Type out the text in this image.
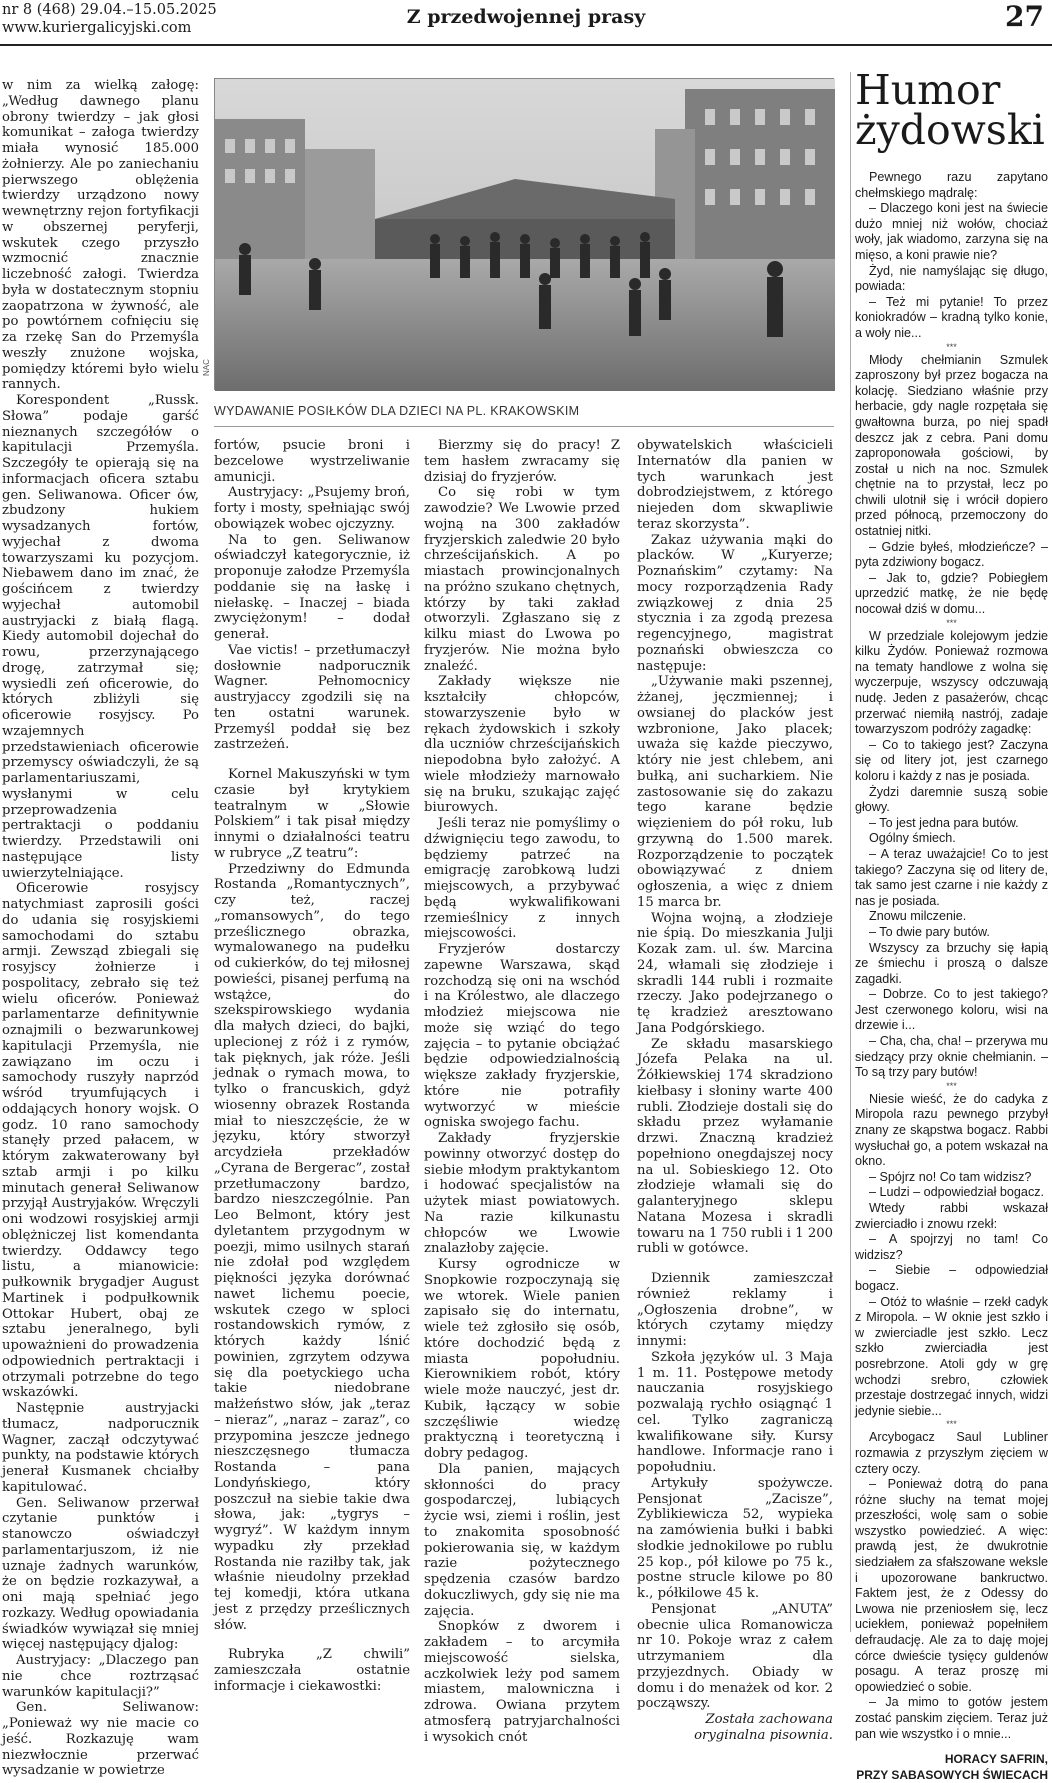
nr 8 (468) 29.04.–15.05.2025
www.kuriergalicyjski.com	Z przedwojennej prasy	27
NAC
WYDAWANIE POSIŁKÓW DLA DZIECI NA PL. KRAKOWSKIM

w nim za wielką załogę: „Według dawnego planu obrony twierdzy – jak głosi komunikat – załoga twierdzy miała wynosić 185.000 żołnierzy. Ale po zaniechaniu pierwszego oblężenia twierdzy urządzono nowy wewnętrzny rejon fortyfikacji w obszernej peryferji, wskutek czego przyszło wzmocnić znacznie liczebność załogi. Twierdza była w dostatecznym stopniu zaopatrzona w żywność, ale po powtórnem cofnięciu się za rzekę San do Przemyśla weszły znużone wojska, pomiędzy któremi było wielu rannych.

Korespondent „Russk. Słowa” podaje garść nieznanych szczegółów o kapitulacji Przemyśla. Szczegóły te opierają się na informacjach oficera sztabu gen. Seliwanowa. Oficer ów, zbudzony hukiem wysadzanych fortów, wyjechał z dwoma towarzyszami ku pozycjom. Niebawem dano im znać, że gościńcem z twierdzy wyjechał automobil austryjacki z białą flagą. Kiedy automobil dojechał do rowu, przerzynającego drogę, zatrzymał się; wysiedli zeń oficerowie, do których zbliżyli się oficerowie rosyjscy. Po wzajemnych przedstawieniach oficerowie przemyscy oświadczyli, że są parlamentariuszami, wysłanymi w celu przeprowadzenia pertraktacji o poddaniu twierdzy. Przedstawili oni następujące listy uwierzytelniające.

Oficerowie rosyjscy natychmiast zaprosili gości do udania się rosyjskiemi samochodami do sztabu armji. Zewsząd zbiegali się rosyjscy żołnierze i pospolitacy, zebrało się też wielu oficerów. Ponieważ parlamentarze definitywnie oznajmili o bezwarunkowej kapitulacji Przemyśla, nie zawiązano im oczu i samochody ruszyły naprzód wśród tryumfujących i oddających honory wojsk. O godz. 10 rano samochody stanęły przed pałacem, w którym zakwaterowany był sztab armji i po kilku minutach generał Seliwanow przyjął Austryjaków. Wręczyli oni wodzowi rosyjskiej armji oblężniczej list komendanta twierdzy. Oddawcy tego listu, a mianowicie: pułkownik brygadjer August Martinek i podpułkownik Ottokar Hubert, obaj ze sztabu jeneralnego, byli upoważnieni do prowadzenia odpowiednich pertraktacji i otrzymali potrzebne do tego wskazówki.

Następnie austryjacki tłumacz, nadporucznik Wagner, zaczął odczytywać punkty, na podstawie których jenerał Kusmanek chciałby kapitulować.

Gen. Seliwanow przerwał czytanie punktów i stanowczo oświadczył parlamentarjuszom, iż nie uznaje żadnych warunków, że on będzie rozkazywał, a oni mają spełniać jego rozkazy. Według opowiadania świadków wywiązał się mniej więcej następujący djalog:

Austryjacy: „Dlaczego pan nie chce roztrząsać warunków kapitulacji?”

Gen. Seliwanow: „Ponieważ wy nie macie co jeść. Rozkazuję wam niezwłocznie przerwać wysadzanie w powietrze

fortów, psucie broni i bezcelowe wystrzeliwanie amunicji.

Austryjacy: „Psujemy broń, forty i mosty, spełniając swój obowiązek wobec ojczyzny.

Na to gen. Seliwanow oświadczył kategorycznie, iż proponuje załodze Przemyśla poddanie się na łaskę i niełaskę. – Inaczej – biada zwyciężonym! – dodał generał.

Vae victis! – przetłumaczył dosłownie nadporucznik Wagner. Pełnomocnicy austryjaccy zgodzili się na ten ostatni warunek. Przemyśl poddał się bez zastrzeżeń.

Kornel Makuszyński w tym czasie był krytykiem teatralnym w „Słowie Polskiem” i tak pisał między innymi o działalności teatru w rubryce „Z teatru”:

Przedziwny do Edmunda Rostanda „Romantycznych”, czy też, raczej „romansowych”, do tego prześlicznego obrazka, wymalowanego na pudełku od cukierków, do tej miłosnej powieści, pisanej perfumą na wstążce, do szekspirowskiego wydania dla małych dzieci, do bajki, uplecionej z róż i z rymów, tak pięknych, jak róże. Jeśli jednak o rymach mowa, to tylko o francuskich, gdyż wiosenny obrazek Rostanda miał to nieszczęście, że w języku, który stworzył arcydzieła przekładów „Cyrana de Bergerac”, został przetłumaczony bardzo, bardzo nieszczególnie. Pan Leo Belmont, który jest dyletantem przygodnym w poezji, mimo usilnych starań nie zdołał pod względem piękności języka dorównać nawet lichemu poecie, wskutek czego w sploci rostandowskich rymów, z których każdy lśnić powinien, zgrzytem odzywa się dla poetyckiego ucha takie niedobrane małżeństwo słów, jak „teraz – nieraz”, „naraz – zaraz”, co przypomina jeszcze jednego nieszczęsnego tłumacza Rostanda – pana Londyńskiego, który poszczuł na siebie takie dwa słowa, jak: „tygrys – wygryź”. W każdym innym wypadku zły przekład Rostanda nie raziłby tak, jak właśnie nieudolny przekład tej komedji, która utkana jest z przędzy prześlicznych słów.

Rubryka „Z chwili” zamieszczała ostatnie informacje i ciekawostki:

Bierzmy się do pracy! Z tem hasłem zwracamy się dzisiaj do fryzjerów.

Co się robi w tym zawodzie? We Lwowie przed wojną na 300 zakładów fryzjerskich zaledwie 20 było chrześcijańskich. A po miastach prowincjonalnych na próżno szukano chętnych, którzy by taki zakład otworzyli. Zgłaszano się z kilku miast do Lwowa po fryzjerów. Nie można było znaleźć.

Zakłady większe nie kształciły chłopców, stowarzyszenie było w rękach żydowskich i szkoły dla uczniów chrześcijańskich niepodobna było założyć. A wiele młodzieży marnowało się na bruku, szukając zajęć biurowych.

Jeśli teraz nie pomyślimy o dźwignięciu tego zawodu, to będziemy patrzeć na emigrację zarobkową ludzi miejscowych, a przybywać będą wykwalifikowani rzemieślnicy z innych miejscowości.

Fryzjerów dostarczy zapewne Warszawa, skąd rozchodzą się oni na wschód i na Królestwo, ale dlaczego młodzież miejscowa nie może się wziąć do tego zajęcia – to pytanie obciążać będzie odpowiedzialnością większe zakłady fryzjerskie, które nie potrafiły wytworzyć w mieście ogniska swojego fachu.

Zakłady fryzjerskie powinny otworzyć dostęp do siebie młodym praktykantom i hodować specjalistów na użytek miast powiatowych. Na razie kilkunastu chłopców we Lwowie znalazłoby zajęcie.

Kursy ogrodnicze w Snopkowie rozpoczynają się we wtorek. Wiele panien zapisało się do internatu, wiele też zgłosiło się osób, które dochodzić będą z miasta popołudniu. Kierownikiem robót, który wiele może nauczyć, jest dr. Kubik, łączący w sobie szczęśliwie wiedzę praktyczną i teoretyczną i dobry pedagog.

Dla panien, mających skłonności do pracy gospodarczej, lubiących życie wsi, ziemi i roślin, jest to znakomita sposobność pokierowania się, w każdym razie pożytecznego spędzenia czasów bardzo dokuczliwych, gdy się nie ma zajęcia.

Snopków z dworem i zakładem – to arcymiła miejscowość sielska, aczkolwiek leży pod samem miastem, malowniczna i zdrowa. Owiana przytem atmosferą patryjarchalności i wysokich cnót

obywatelskich właścicieli Internatów dla panien w tych warunkach jest dobrodziejstwem, z którego niejeden dom skwapliwie teraz skorzysta”.

Zakaz używania mąki do placków. W „Kuryerze; Poznańskim” czytamy: Na mocy rozporządzenia Rady związkowej z dnia 25 stycznia i za zgodą prezesa regencyjnego, magistrat poznański obwieszcza co następuje:

„Używanie maki pszennej, żżanej, jęczmiennej; i owsianej do placków jest wzbronione, Jako placek; uważa się każde pieczywo, który nie jest chlebem, ani bułką, ani sucharkiem. Nie zastosowanie się do zakazu tego karane będzie więzieniem do pół roku, lub grzywną do 1.500 marek. Rozporządzenie to początek obowiązywać z dniem ogłoszenia, a więc z dniem 15 marca br.

Wojna wojną, a złodzieje nie śpią. Do mieszkania Julji Kozak zam. ul. św. Marcina 24, włamali się złodzieje i skradli 144 rubli i rozmaite rzeczy. Jako podejrzanego o tę kradzież aresztowano Jana Podgórskiego.

Ze składu masarskiego Józefa Pelaka na ul. Żółkiewskiej 174 skradziono kiełbasy i słoniny warte 400 rubli. Złodzieje dostali się do składu przez wyłamanie drzwi. Znaczną kradzież popełniono onegdajszej nocy na ul. Sobieskiego 12. Oto złodzieje włamali się do galanteryjnego sklepu Natana Mozesa i skradli towaru na 1 750 rubli i 1 200 rubli w gotówce.

Dziennik zamieszczał również reklamy i „Ogłoszenia drobne”, w których czytamy między innymi:

Szkoła języków ul. 3 Maja 1 m. 11. Postępowe metody nauczania rosyjskiego pozwalają rychło osiągnąć 1 cel. Tylko zagraniczą kwalifikowane siły. Kursy handlowe. Informacje rano i popołudniu.

Artykuły spożywcze. Pensjonat „Zacisze”, Zyblikiewicza 52, wypieka na zamówienia bułki i babki słodkie jednokilowe po rublu 25 kop., pół kilowe po 75 k., postne strucle kilowe po 80 k., półkilowe 45 k.

Pensjonat „ANUTA” obecnie ulica Romanowicza nr 10. Pokoje wraz z całem utrzymaniem dla przyjezdnych. Obiady w domu i do menażek od kor. 2 począwszy.

Została zachowana oryginalna pisownia.

Humor
żydowski

Pewnego razu zapytano chełmskiego mądralę:

– Dlaczego koni jest na świecie dużo mniej niż wołów, chociaż woły, jak wiadomo, zarzyna się na mięso, a koni prawie nie?

Żyd, nie namyślając się długo, powiada:

– Też mi pytanie! To przez koniokradów – kradną tylko konie, a woły nie...

***

Młody chełmianin Szmulek zaproszony był przez bogacza na kolację. Siedziano właśnie przy herbacie, gdy nagle rozpętała się gwałtowna burza, po niej spadł deszcz jak z cebra. Pani domu zaproponowała gościowi, by został u nich na noc. Szmulek chętnie na to przystał, lecz po chwili ulotnił się i wrócił dopiero przed północą, przemoczony do ostatniej nitki.

– Gdzie byłeś, młodzieńcze? – pyta zdziwiony bogacz.

– Jak to, gdzie? Pobiegłem uprzedzić matkę, że nie będę nocował dziś w domu...

***

W przedziale kolejowym jedzie kilku Żydów. Ponieważ rozmowa na tematy handlowe z wolna się wyczerpuje, wszyscy odczuwają nudę. Jeden z pasażerów, chcąc przerwać niemiłą nastrój, zadaje towarzyszom podróży zagadkę:

– Co to takiego jest? Zaczyna się od litery jot, jest czarnego koloru i każdy z nas je posiada.

Żydzi daremnie suszą sobie głowy.

– To jest jedna para butów.

Ogólny śmiech.

– A teraz uważajcie! Co to jest takiego? Zaczyna się od litery de, tak samo jest czarne i nie każdy z nas je posiada.

Znowu milczenie.

– To dwie pary butów.

Wszyscy za brzuchy się łapią ze śmiechu i proszą o dalsze zagadki.

– Dobrze. Co to jest takiego? Jest czerwonego koloru, wisi na drzewie i...

– Cha, cha, cha! – przerywa mu siedzący przy oknie chełmianin. – To są trzy pary butów!

***

Niesie wieść, że do cadyka z Miropola razu pewnego przybył znany ze skąpstwa bogacz. Rabbi wysłuchał go, a potem wskazał na okno.

– Spójrz no! Co tam widzisz?

– Ludzi – odpowiedział bogacz.

Wtedy rabbi wskazał zwierciadło i znowu rzekł:

– A spojrzyj no tam! Co widzisz?

– Siebie – odpowiedział bogacz.

– Otóż to właśnie – rzekł cadyk z Miropola. – W oknie jest szkło i w zwierciadle jest szkło. Lecz szkło zwierciadła jest posrebrzone. Atoli gdy w grę wchodzi srebro, człowiek przestaje dostrzegać innych, widzi jedynie siebie...

***

Arcybogacz Saul Lubliner rozmawia z przyszłym zięciem w cztery oczy.

– Ponieważ dotrą do pana różne słuchy na temat mojej przeszłości, wolę sam o sobie wszystko powiedzieć. A więc: prawdą jest, że dwukrotnie siedziałem za sfałszowane weksle i upozorowane bankructwo. Faktem jest, że z Odessy do Lwowa nie przeniosłem się, lecz uciekłem, ponieważ popełniłem defraudację. Ale za to daję mojej córce dwieście tysięcy guldenów posagu. A teraz proszę mi opowiedzieć o sobie.

– Ja mimo to gotów jestem zostać panskim zięciem. Teraz już pan wie wszystko i o mnie...

HORACY SAFRIN,
PRZY SABASOWYCH ŚWIECACH
